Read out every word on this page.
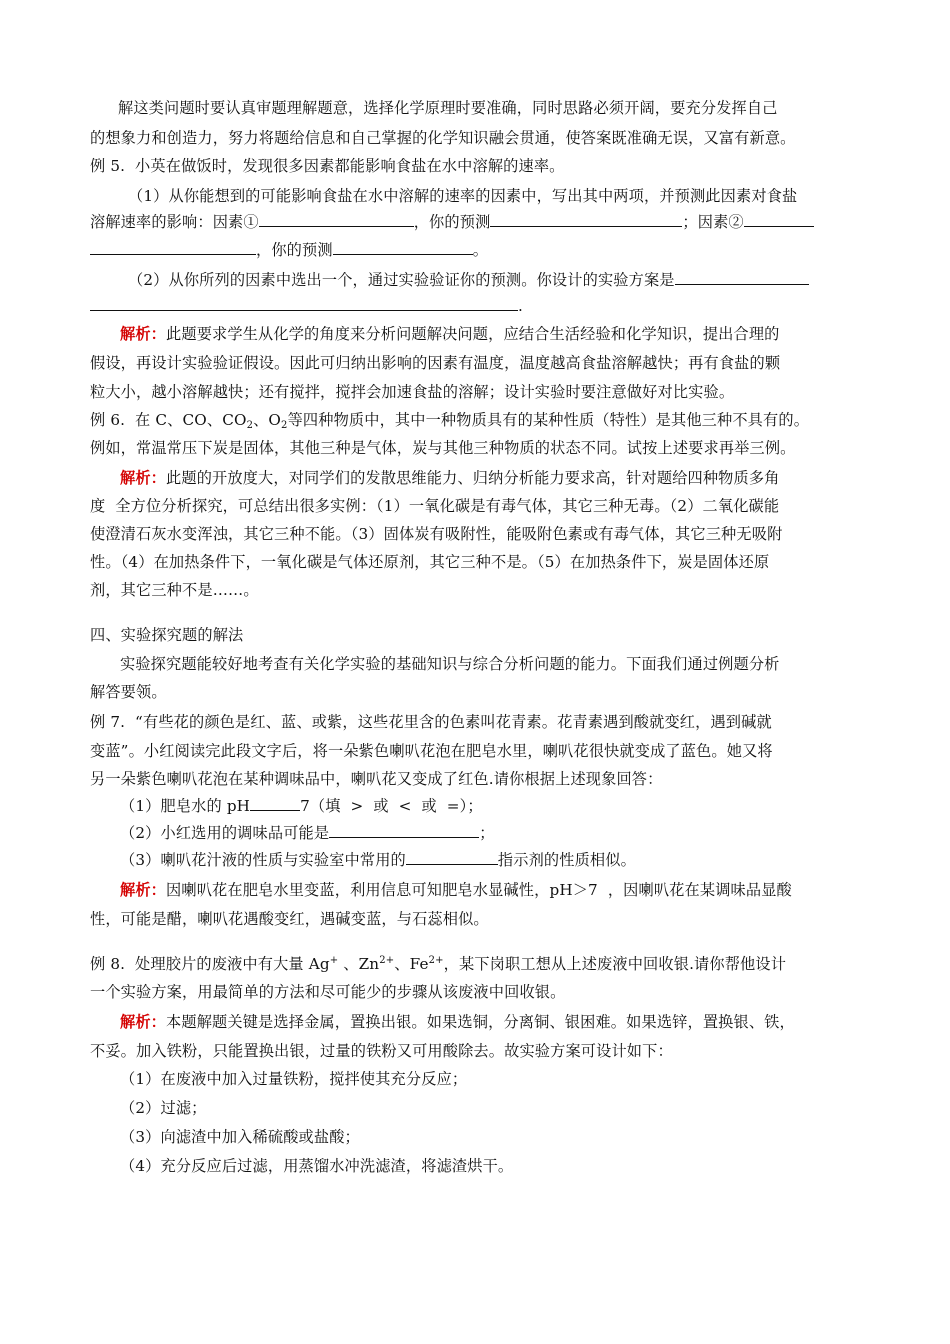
解这类问题时要认真审题理解题意，选择化学原理时要准确，同时思路必须开阔，要充分发挥自己
的想象力和创造力，努力将题给信息和自己掌握的化学知识融会贯通，使答案既准确无误，又富有新意。
例 5.  小英在做饭时，发现很多因素都能影响食盐在水中溶解的速率。
（1）从你能想到的可能影响食盐在水中溶解的速率的因素中，写出其中两项，并预测此因素对食盐
溶解速率的影响：因素①	，你的预测	；因素②
，你的预测	。
（2）从你所列的因素中选出一个，通过实验验证你的预测。你设计的实验方案是
.
解析：此题要求学生从化学的角度来分析问题解决问题，应结合生活经验和化学知识，提出合理的
假设，再设计实验验证假设。因此可归纳出影响的因素有温度，温度越高食盐溶解越快；再有食盐的颗
粒大小，越小溶解越快；还有搅拌，搅拌会加速食盐的溶解；设计实验时要注意做好对比实验。
例 6.  在 C、CO、$CO_2$、$O_2$等四种物质中，其中一种物质具有的某种性质（特性）是其他三种不具有的。
例如，常温常压下炭是固体，其他三种是气体，炭与其他三种物质的状态不同。试按上述要求再举三例。
解析：此题的开放度大，对同学们的发散思维能力、归纳分析能力要求高，针对题给四种物质多角
度  全方位分析探究，可总结出很多实例：（1）一氧化碳是有毒气体，其它三种无毒。（2）二氧化碳能
使澄清石灰水变浑浊，其它三种不能。（3）固体炭有吸附性，能吸附色素或有毒气体，其它三种无吸附
性。（4）在加热条件下，一氧化碳是气体还原剂，其它三种不是。（5）在加热条件下，炭是固体还原
剂，其它三种不是……。
四、实验探究题的解法
实验探究题能较好地考查有关化学实验的基础知识与综合分析问题的能力。下面我们通过例题分析
解答要领。
例 7.  “有些花的颜色是红、蓝、或紫，这些花里含的色素叫花青素。花青素遇到酸就变红，遇到碱就
变蓝”。小红阅读完此段文字后，将一朵紫色喇叭花泡在肥皂水里，喇叭花很快就变成了蓝色。她又将
另一朵紫色喇叭花泡在某种调味品中，喇叭花又变成了红色.请你根据上述现象回答：
（1）肥皂水的 pH	7（填  >  或  <  或  =）；
（2）小红选用的调味品可能是	；
（3）喇叭花汁液的性质与实验室中常用的	指示剂的性质相似。
解析：因喇叭花在肥皂水里变蓝，利用信息可知肥皂水显碱性，pH＞7  ，因喇叭花在某调味品显酸
性，可能是醋，喇叭花遇酸变红，遇碱变蓝，与石蕊相似。
例 8.  处理胶片的废液中有大量 Ag+ 、$Zn^{2+}$、$Fe^{2+}$，某下岗职工想从上述废液中回收银.请你帮他设计
一个实验方案，用最简单的方法和尽可能少的步骤从该废液中回收银。
解析：本题解题关键是选择金属，置换出银。如果选铜，分离铜、银困难。如果选锌，置换银、铁，
不妥。加入铁粉，只能置换出银，过量的铁粉又可用酸除去。故实验方案可设计如下：
（1）在废液中加入过量铁粉，搅拌使其充分反应；
（2）过滤；
（3）向滤渣中加入稀硫酸或盐酸；
（4）充分反应后过滤，用蒸馏水冲洗滤渣，将滤渣烘干。
